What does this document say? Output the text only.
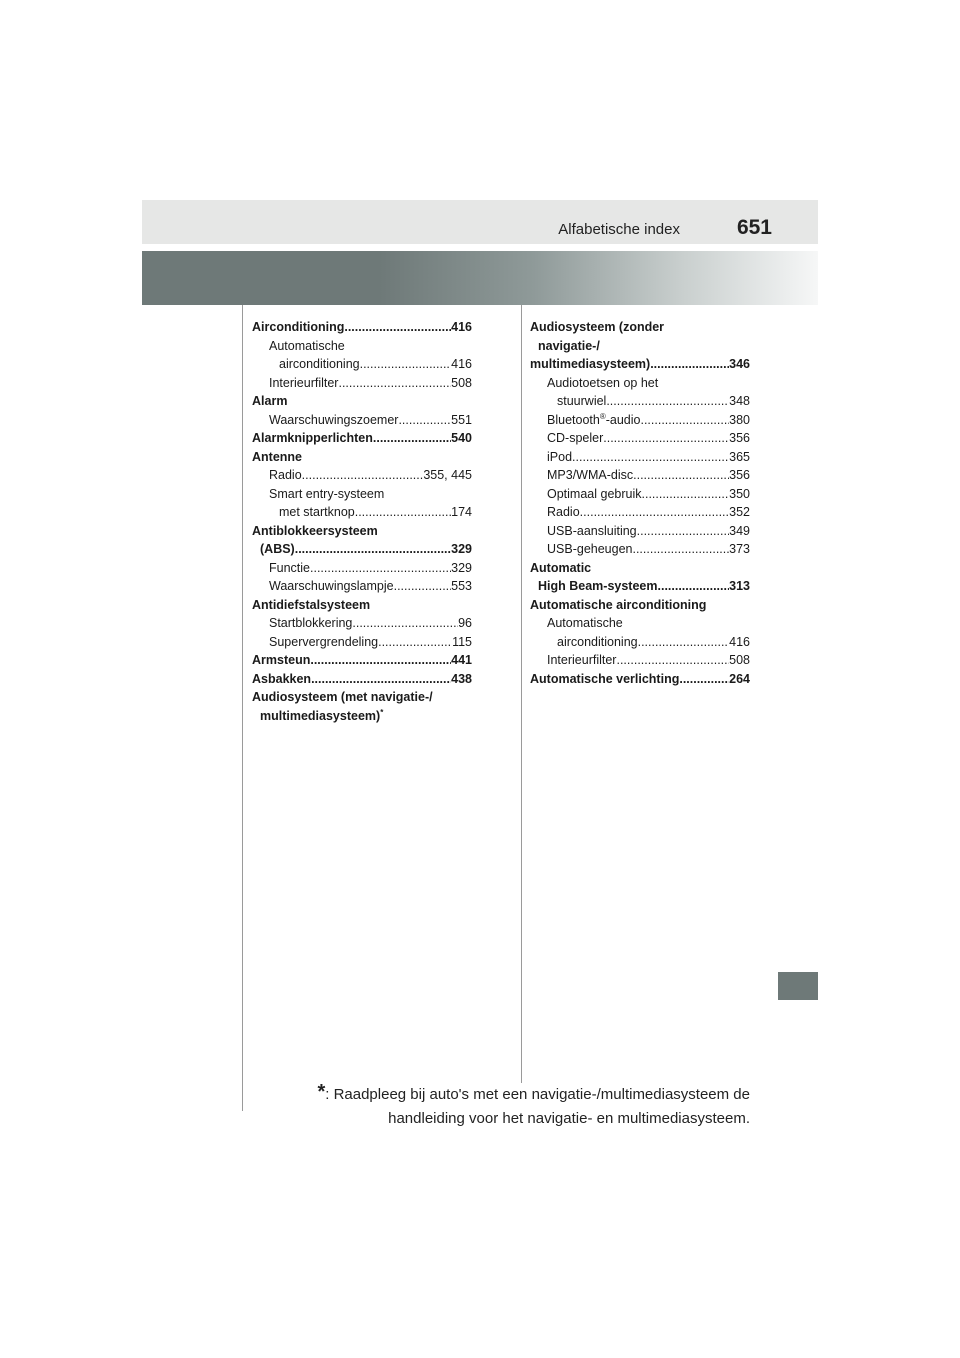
Alfabetische index	651
Airconditioning .....	416
Automatische
airconditioning .....	416
Interieurfilter .....	508
Alarm
Waarschuwingszoemer .....	551
Alarmknipperlichten .....	540
Antenne
Radio .....	355, 445
Smart entry-systeem
met startknop .....	174
Antiblokkeersysteem
(ABS) .....	329
Functie .....	329
Waarschuwingslampje .....	553
Antidiefstalsysteem
Startblokkering .....	96
Supervergrendeling .....	115
Armsteun .....	441
Asbakken .....	438
Audiosysteem (met navigatie-/
multimediasysteem)*
Audiosysteem (zonder
navigatie-/
multimediasysteem) .....	346
Audiotoetsen op het
stuurwiel .....	348
Bluetooth®-audio .....	380
CD-speler .....	356
iPod .....	365
MP3/WMA-disc .....	356
Optimaal gebruik .....	350
Radio .....	352
USB-aansluiting .....	349
USB-geheugen .....	373
Automatic
High Beam-systeem .....	313
Automatische airconditioning
Automatische
airconditioning .....	416
Interieurfilter .....	508
Automatische verlichting .....	264
*: Raadpleeg bij auto's met een navigatie-/multimediasysteem de
handleiding voor het navigatie- en multimediasysteem.
